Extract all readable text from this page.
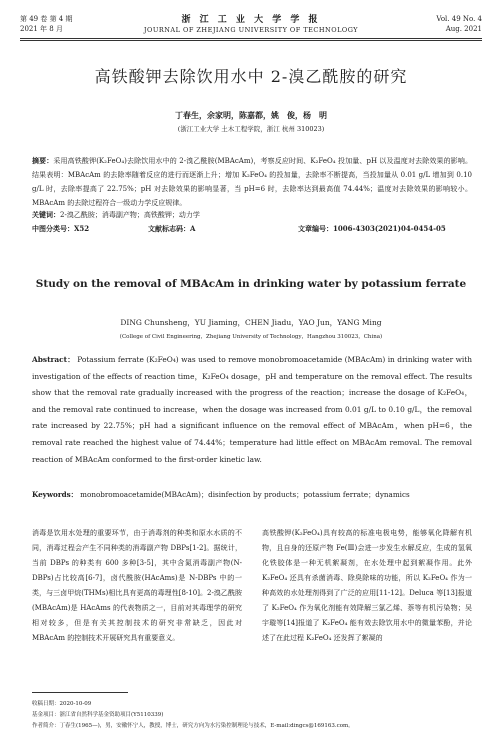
第 49 卷 第 4 期
2021 年 8 月
浙 江 工 业 大 学 学 报
JOURNAL OF ZHEJIANG UNIVERSITY OF TECHNOLOGY
Vol. 49 No. 4
Aug. 2021
高铁酸钾去除饮用水中 2-溴乙酰胺的研究
丁春生，余家明，陈嘉都，姚　俊，杨　明
(浙江工业大学 土木工程学院，浙江 杭州 310023)
摘要：采用高铁酸钾(K₂FeO₄)去除饮用水中的 2-溴乙酰胺(MBAcAm)，考察反应时间、K₂FeO₄ 投加量、pH 以及温度对去除效果的影响。结果表明：MBAcAm 的去除率随着反应的进行而逐渐上升；增加 K₂FeO₄ 的投加量，去除率不断提高，当投加量从 0.01 g/L 增加到 0.10 g/L 时，去除率提高了 22.75%；pH 对去除效果的影响显著，当 pH=6 时，去除率达到最高值 74.44%；温度对去除效果的影响较小。MBAcAm 的去除过程符合一级动力学反应规律。
关键词：2-溴乙酰胺；消毒副产物；高铁酸钾；动力学
中图分类号：X52	文献标志码：A	文章编号：1006-4303(2021)04-0454-05
Study on the removal of MBAcAm in drinking water by potassium ferrate
DING Chunsheng，YU Jiaming，CHEN Jiadu，YAO Jun，YANG Ming
(College of Civil Engineering，Zhejiang University of Technology，Hangzhou 310023，China)
Abstract： Potassium ferrate (K₂FeO₄) was used to remove monobromoacetamide (MBAcAm) in drinking water with investigation of the effects of reaction time，K₂FeO₄ dosage，pH and temperature on the removal effect. The results show that the removal rate gradually increased with the progress of the reaction；increase the dosage of K₂FeO₄，and the removal rate continued to increase，when the dosage was increased from 0.01 g/L to 0.10 g/L，the removal rate increased by 22.75%；pH had a significant influence on the removal effect of MBAcAm，when pH=6，the removal rate reached the highest value of 74.44%；temperature had little effect on MBAcAm removal. The removal reaction of MBAcAm conformed to the first-order kinetic law.
Keywords： monobromoacetamide(MBAcAm)；disinfection by products；potassium ferrate；dynamics
消毒是饮用水处理的重要环节，由于消毒剂的种类和原水水质的不同，消毒过程会产生不同种类的消毒副产物 DBPs[1-2]。据统计，当前 DBPs 的种类有 600 多种[3-5]，其中含氮消毒副产物(N-DBPs)占比较高[6-7]，卤代酰胺(HAcAms)是 N-DBPs 中的一类，与三卤甲烷(THMs)相比具有更高的毒理性[8-10]。2-溴乙酰胺(MBAcAm)是 HAcAms 的代表物质之一，目前对其毒理学的研究相对较多，但是有关其控制技术的研究非常缺乏，因此对 MBAcAm 的控制技术开展研究具有重要意义。
高铁酸钾(K₂FeO₄)具有较高的标准电极电势，能够氧化降解有机物，且自身的还原产物 Fe(Ⅲ)会进一步发生水解反应，生成的氢氧化铁胶体是一种无机絮凝剂，在水处理中起到絮凝作用。此外 K₂FeO₄ 还具有杀菌消毒、除臭除味的功能，所以 K₂FeO₄ 作为一种高效的水处理剂得到了广泛的应用[11-12]。Deluca 等[13]报道了 K₂FeO₄ 作为氧化剂能有效降解三氯乙烯、萘等有机污染物；吴宇璇等[14]报道了 K₂FeO₄ 能有效去除饮用水中的微量苯酚，并论述了在此过程 K₂FeO₄ 还发挥了絮凝的
收稿日期：2020-10-09
基金项目：浙江省自然科学基金资助项目(Y5110339)
作者简介：丁春生(1965—)，男，安徽怀宁人，教授，博士，研究方向为水污染控制理论与技术，E-mail:dingcs@169163.com。
